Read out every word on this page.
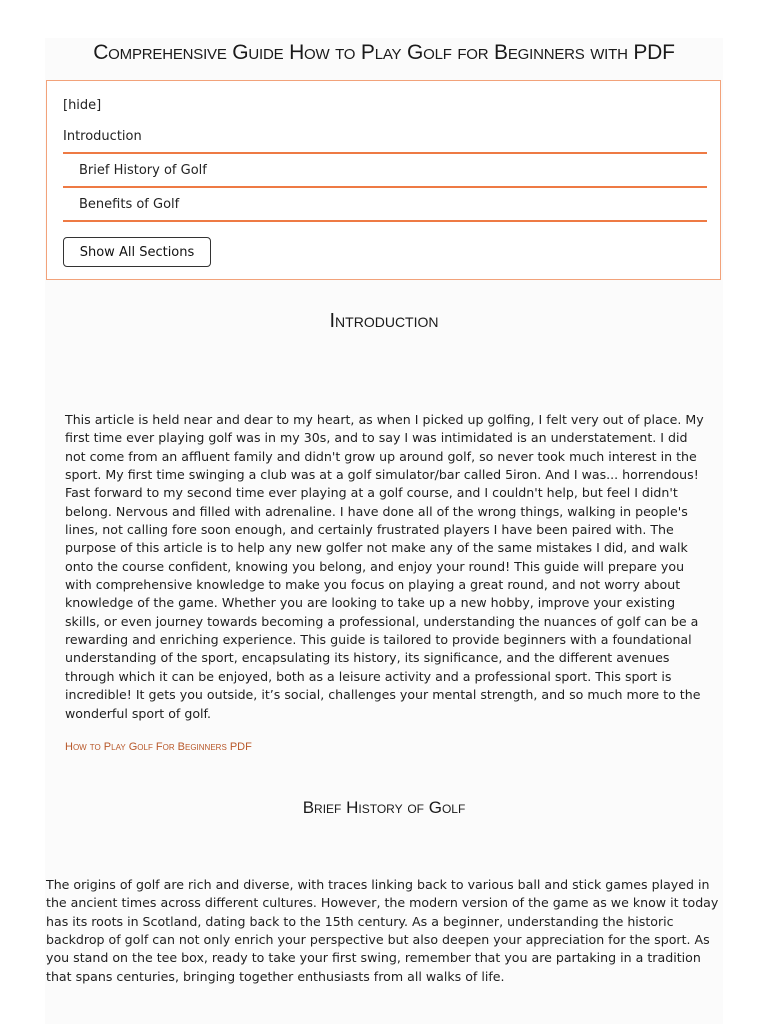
Comprehensive Guide How to Play Golf for Beginners with PDF
[hide]
Introduction
Brief History of Golf
Benefits of Golf
Show All Sections
Introduction

This article is held near and dear to my heart, as when I picked up golfing, I felt very out of place. My first time ever playing golf was in my 30s, and to say I was intimidated is an understatement. I did not come from an affluent family and didn't grow up around golf, so never took much interest in the sport. My first time swinging a club was at a golf simulator/bar called 5iron. And I was... horrendous! Fast forward to my second time ever playing at a golf course, and I couldn't help, but feel I didn't belong. Nervous and filled with adrenaline. I have done all of the wrong things, walking in people's lines, not calling fore soon enough, and certainly frustrated players I have been paired with. The purpose of this article is to help any new golfer not make any of the same mistakes I did, and walk onto the course confident, knowing you belong, and enjoy your round! This guide will prepare you with comprehensive knowledge to make you focus on playing a great round, and not worry about knowledge of the game. Whether you are looking to take up a new hobby, improve your existing skills, or even journey towards becoming a professional, understanding the nuances of golf can be a rewarding and enriching experience. This guide is tailored to provide beginners with a foundational understanding of the sport, encapsulating its history, its significance, and the different avenues through which it can be enjoyed, both as a leisure activity and a professional sport. This sport is incredible! It gets you outside, it’s social, challenges your mental strength, and so much more to the wonderful sport of golf.

How to Play Golf For Beginners PDF
Brief History of Golf

The origins of golf are rich and diverse, with traces linking back to various ball and stick games played in the ancient times across different cultures. However, the modern version of the game as we know it today has its roots in Scotland, dating back to the 15th century. As a beginner, understanding the historic backdrop of golf can not only enrich your perspective but also deepen your appreciation for the sport. As you stand on the tee box, ready to take your first swing, remember that you are partaking in a tradition that spans centuries, bringing together enthusiasts from all walks of life.
